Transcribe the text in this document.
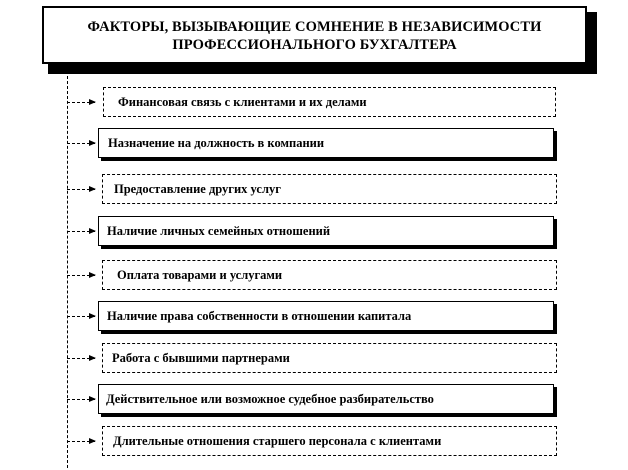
ФАКТОРЫ, ВЫЗЫВАЮЩИЕ СОМНЕНИЕ В НЕЗАВИСИМОСТИ
ПРОФЕССИОНАЛЬНОГО БУХГАЛТЕРА
Финансовая связь с клиентами и их делами
Назначение на должность в компании
Предоставление других услуг
Наличие личных семейных отношений
Оплата товарами и услугами
Наличие права собственности в отношении капитала
Работа с бывшими партнерами
Действительное или возможное судебное разбирательство
Длительные отношения старшего персонала с клиентами
